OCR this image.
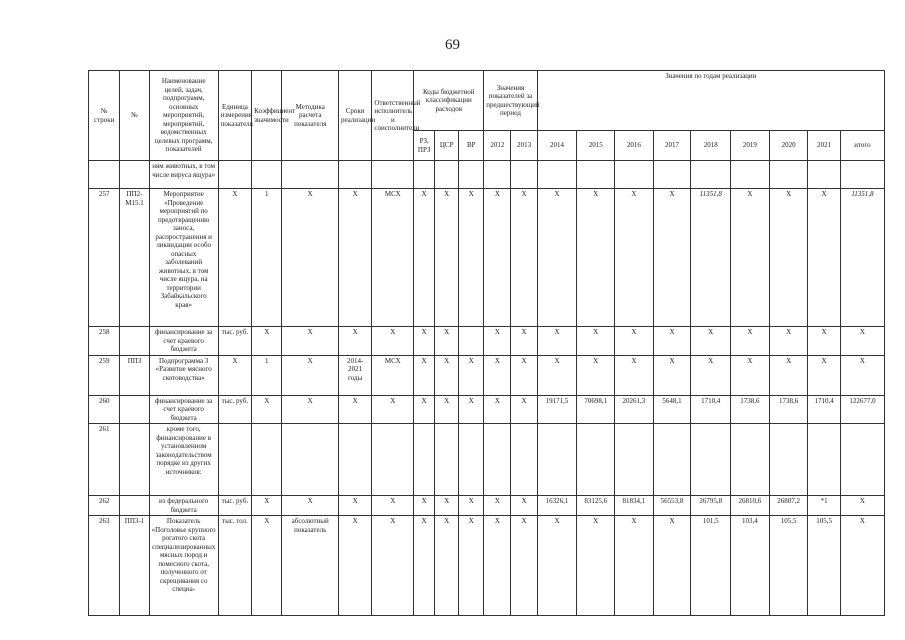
69
№ строки	№	Наименование целей, задач, подпрограмм, основных мероприятий, мероприятий, ведомственных целевых программ, показателей	Единица измерения показателя	Коэффициент значимости	Методика расчета показателя	Сроки реализации	Ответственный исполнитель и соисполнители	Коды бюджетной классификации расходов			Значения показателей за предшествующий период		Значения по годам реализации								
								РЗ, ПРЗ	ЦСР	ВР	2012	2013	2014	2015	2016	2017	2018	2019	2020	2021	итого
		ням животных, в том числе вируса ящура»																			
257	ПП2-М15.1	Мероприятие «Проведение мероприятий по предотвращению заноса, распространения и ликвидации особо опасных заболеваний животных, в том числе ящура, на территории Забайкальского края»	X	1	X	X	МСХ	X	X	X	X	X	X	X	X	X	11351,8	X	X	X	11351,8
258		финансирование за счет краевого бюджета	тыс. руб.	X	X	X	X	X	X		X	X	X	X	X	X	X	X	X	X	X
259	ПП3	Подпрограмма 3 «Развитие мясного скотоводства»	X	1	X	2014-2021 годы	МСХ	X	X	X	X	X	X	X	X	X	X	X	X	X	X
260		финансирование за счет краевого бюджета	тыс. руб.	X	X	X	X	X	X	X	X	X	19171,5	70698,1	20261,3	5648,1	1710,4	1738,6	1738,6	1710,4	122677,0
261		кроме того, финансирование в установленном законодательством порядке из других источников:																			
262		из федерального бюджета	тыс. руб.	X	X	X	X	X	X	X	X	X	16326,1	83125,6	81834,1	56553,8	26795,8	26810,6	26807,2	*1	X
263	ПП3-1	Показатель «Поголовье крупного рогатого скота специализированных мясных пород и помесного скота, полученного от скрещивания со специа-	тыс. гол.	X	абсолютный показатель	X	X	X	X	X	X	X	X	X	X	X	101,5	103,4	105,5	105,5	X
